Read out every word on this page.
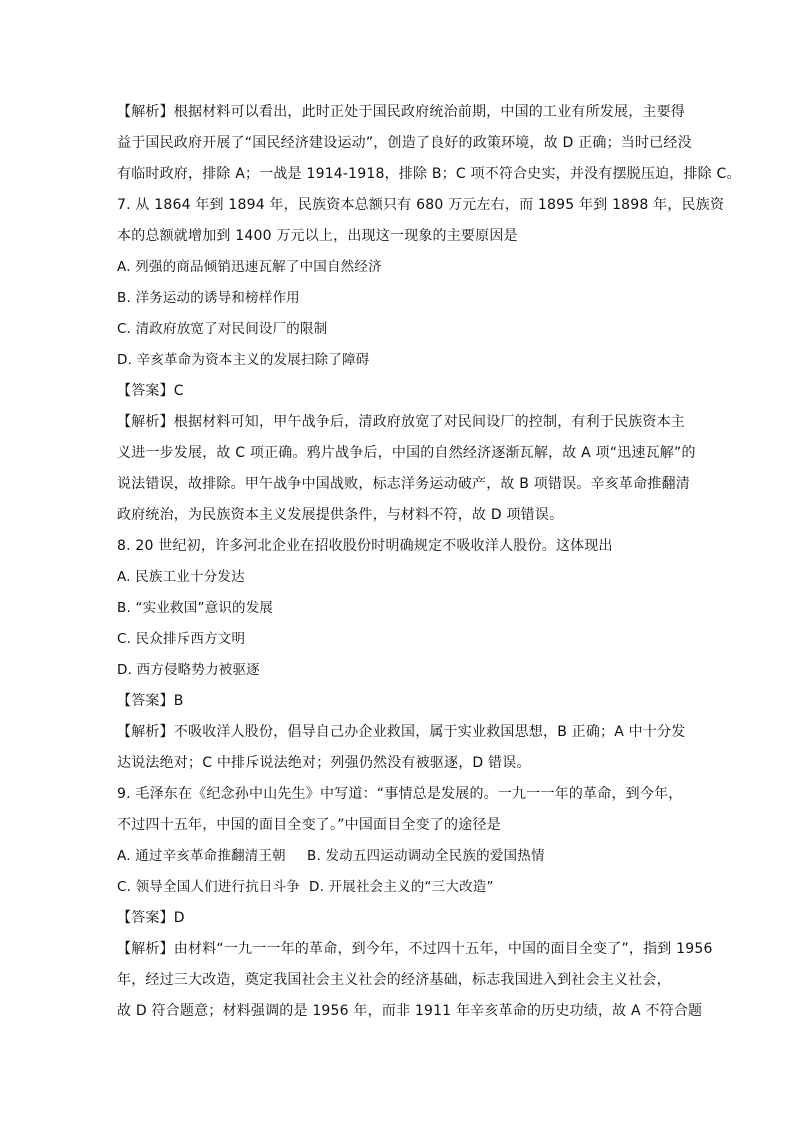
【解析】根据材料可以看出，此时正处于国民政府统治前期，中国的工业有所发展，主要得
益于国民政府开展了“国民经济建设运动”，创造了良好的政策环境，故 D 正确；当时已经没
有临时政府，排除 A；一战是 1914-1918，排除 B；C 项不符合史实，并没有摆脱压迫，排除 C。
7. 从 1864 年到 1894 年，民族资本总额只有 680 万元左右，而 1895 年到 1898 年，民族资
本的总额就增加到 1400 万元以上，出现这一现象的主要原因是
A. 列强的商品倾销迅速瓦解了中国自然经济
B. 洋务运动的诱导和榜样作用
C. 清政府放宽了对民间设厂的限制
D. 辛亥革命为资本主义的发展扫除了障碍
【答案】C
【解析】根据材料可知，甲午战争后，清政府放宽了对民间设厂的控制，有利于民族资本主
义进一步发展，故 C 项正确。鸦片战争后，中国的自然经济逐渐瓦解，故 A 项“迅速瓦解”的
说法错误，故排除。甲午战争中国战败，标志洋务运动破产，故 B 项错误。辛亥革命推翻清
政府统治，为民族资本主义发展提供条件，与材料不符，故 D 项错误。
8. 20 世纪初，许多河北企业在招收股份时明确规定不吸收洋人股份。这体现出
A. 民族工业十分发达
B. “实业救国”意识的发展
C. 民众排斥西方文明
D. 西方侵略势力被驱逐
【答案】B
【解析】不吸收洋人股份，倡导自己办企业救国，属于实业救国思想，B 正确；A 中十分发
达说法绝对；C 中排斥说法绝对；列强仍然没有被驱逐，D 错误。
9. 毛泽东在《纪念孙中山先生》中写道：“事情总是发展的。一九一一年的革命，到今年，
不过四十五年，中国的面目全变了。”中国面目全变了的途径是
A. 通过辛亥革命推翻清王朝 B. 发动五四运动调动全民族的爱国热情
C. 领导全国人们进行抗日斗争 D. 开展社会主义的“三大改造”
【答案】D
【解析】由材料“一九一一年的革命，到今年，不过四十五年，中国的面目全变了”，指到 1956
年，经过三大改造，奠定我国社会主义社会的经济基础，标志我国进入到社会主义社会，
故 D 符合题意；材料强调的是 1956 年，而非 1911 年辛亥革命的历史功绩，故 A 不符合题
